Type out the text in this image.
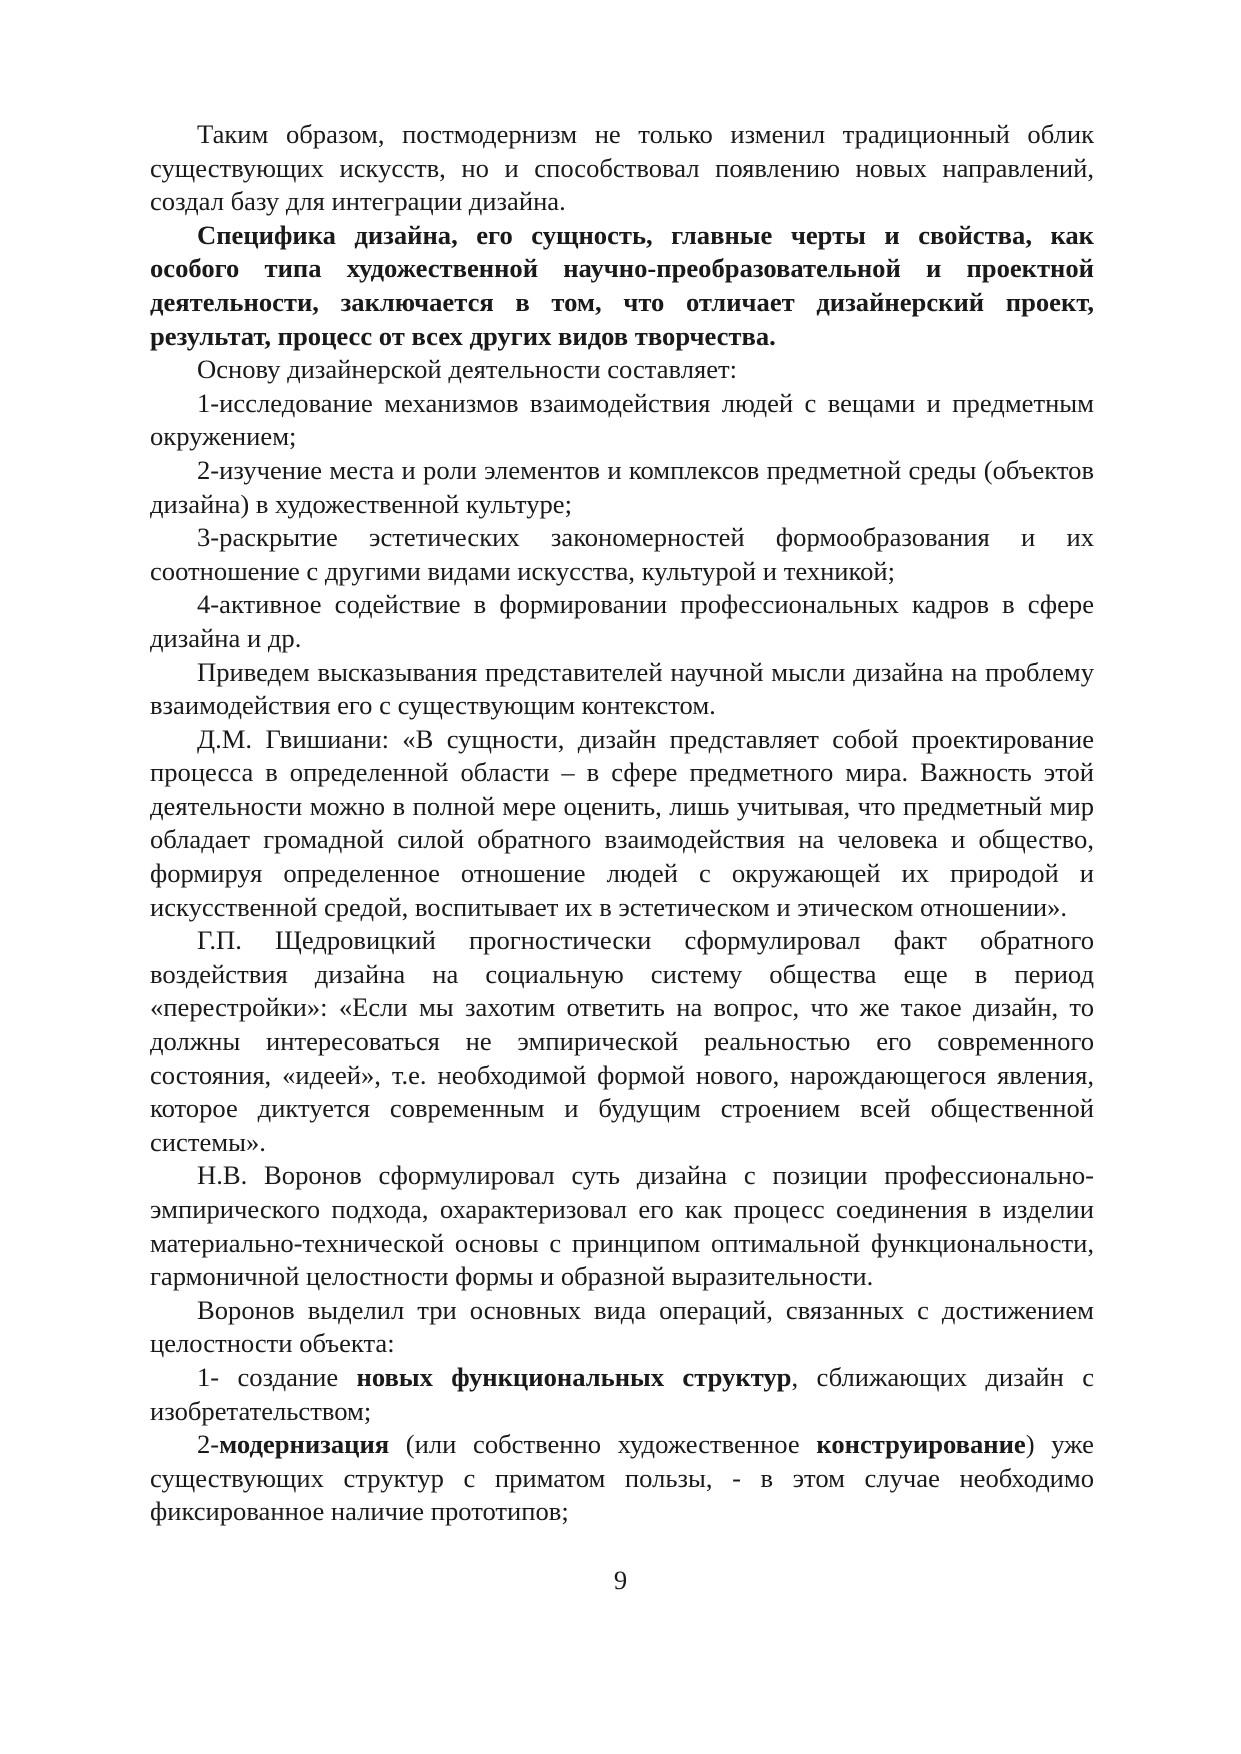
Таким образом, постмодернизм не только изменил традиционный облик существующих искусств, но и способствовал появлению новых направлений, создал базу для интеграции дизайна.

Специфика дизайна, его сущность, главные черты и свойства, как особого типа художественной научно-преобразовательной и проектной деятельности, заключается в том, что отличает дизайнерский проект, результат, процесс от всех других видов творчества.

Основу дизайнерской деятельности составляет:

1-исследование механизмов взаимодействия людей с вещами и предметным окружением;

2-изучение места и роли элементов и комплексов предметной среды (объектов дизайна) в художественной культуре;

3-раскрытие эстетических закономерностей формообразования и их соотношение с другими видами искусства, культурой и техникой;

4-активное содействие в формировании профессиональных кадров в сфере дизайна и др.

Приведем высказывания представителей научной мысли дизайна на проблему взаимодействия его с существующим контекстом.

Д.М. Гвишиани: «В сущности, дизайн представляет собой проектирование процесса в определенной области – в сфере предметного мира. Важность этой деятельности можно в полной мере оценить, лишь учитывая, что предметный мир обладает громадной силой обратного взаимодействия на человека и общество, формируя определенное отношение людей с окружающей их природой и искусственной средой, воспитывает их в эстетическом и этическом отношении».

Г.П. Щедровицкий прогностически сформулировал факт обратного воздействия дизайна на социальную систему общества еще в период «перестройки»: «Если мы захотим ответить на вопрос, что же такое дизайн, то должны интересоваться не эмпирической реальностью его современного состояния, «идеей», т.е. необходимой формой нового, нарождающегося явления, которое диктуется современным и будущим строением всей общественной системы».

Н.В. Воронов сформулировал суть дизайна с позиции профессионально-эмпирического подхода, охарактеризовал его как процесс соединения в изделии материально-технической основы с принципом оптимальной функциональности, гармоничной целостности формы и образной выразительности.

Воронов выделил три основных вида операций, связанных с достижением целостности объекта:

1- создание новых функциональных структур, сближающих дизайн с изобретательством;

2-модернизация (или собственно художественное конструирование) уже существующих структур с приматом пользы, - в этом случае необходимо фиксированное наличие прототипов;

9
